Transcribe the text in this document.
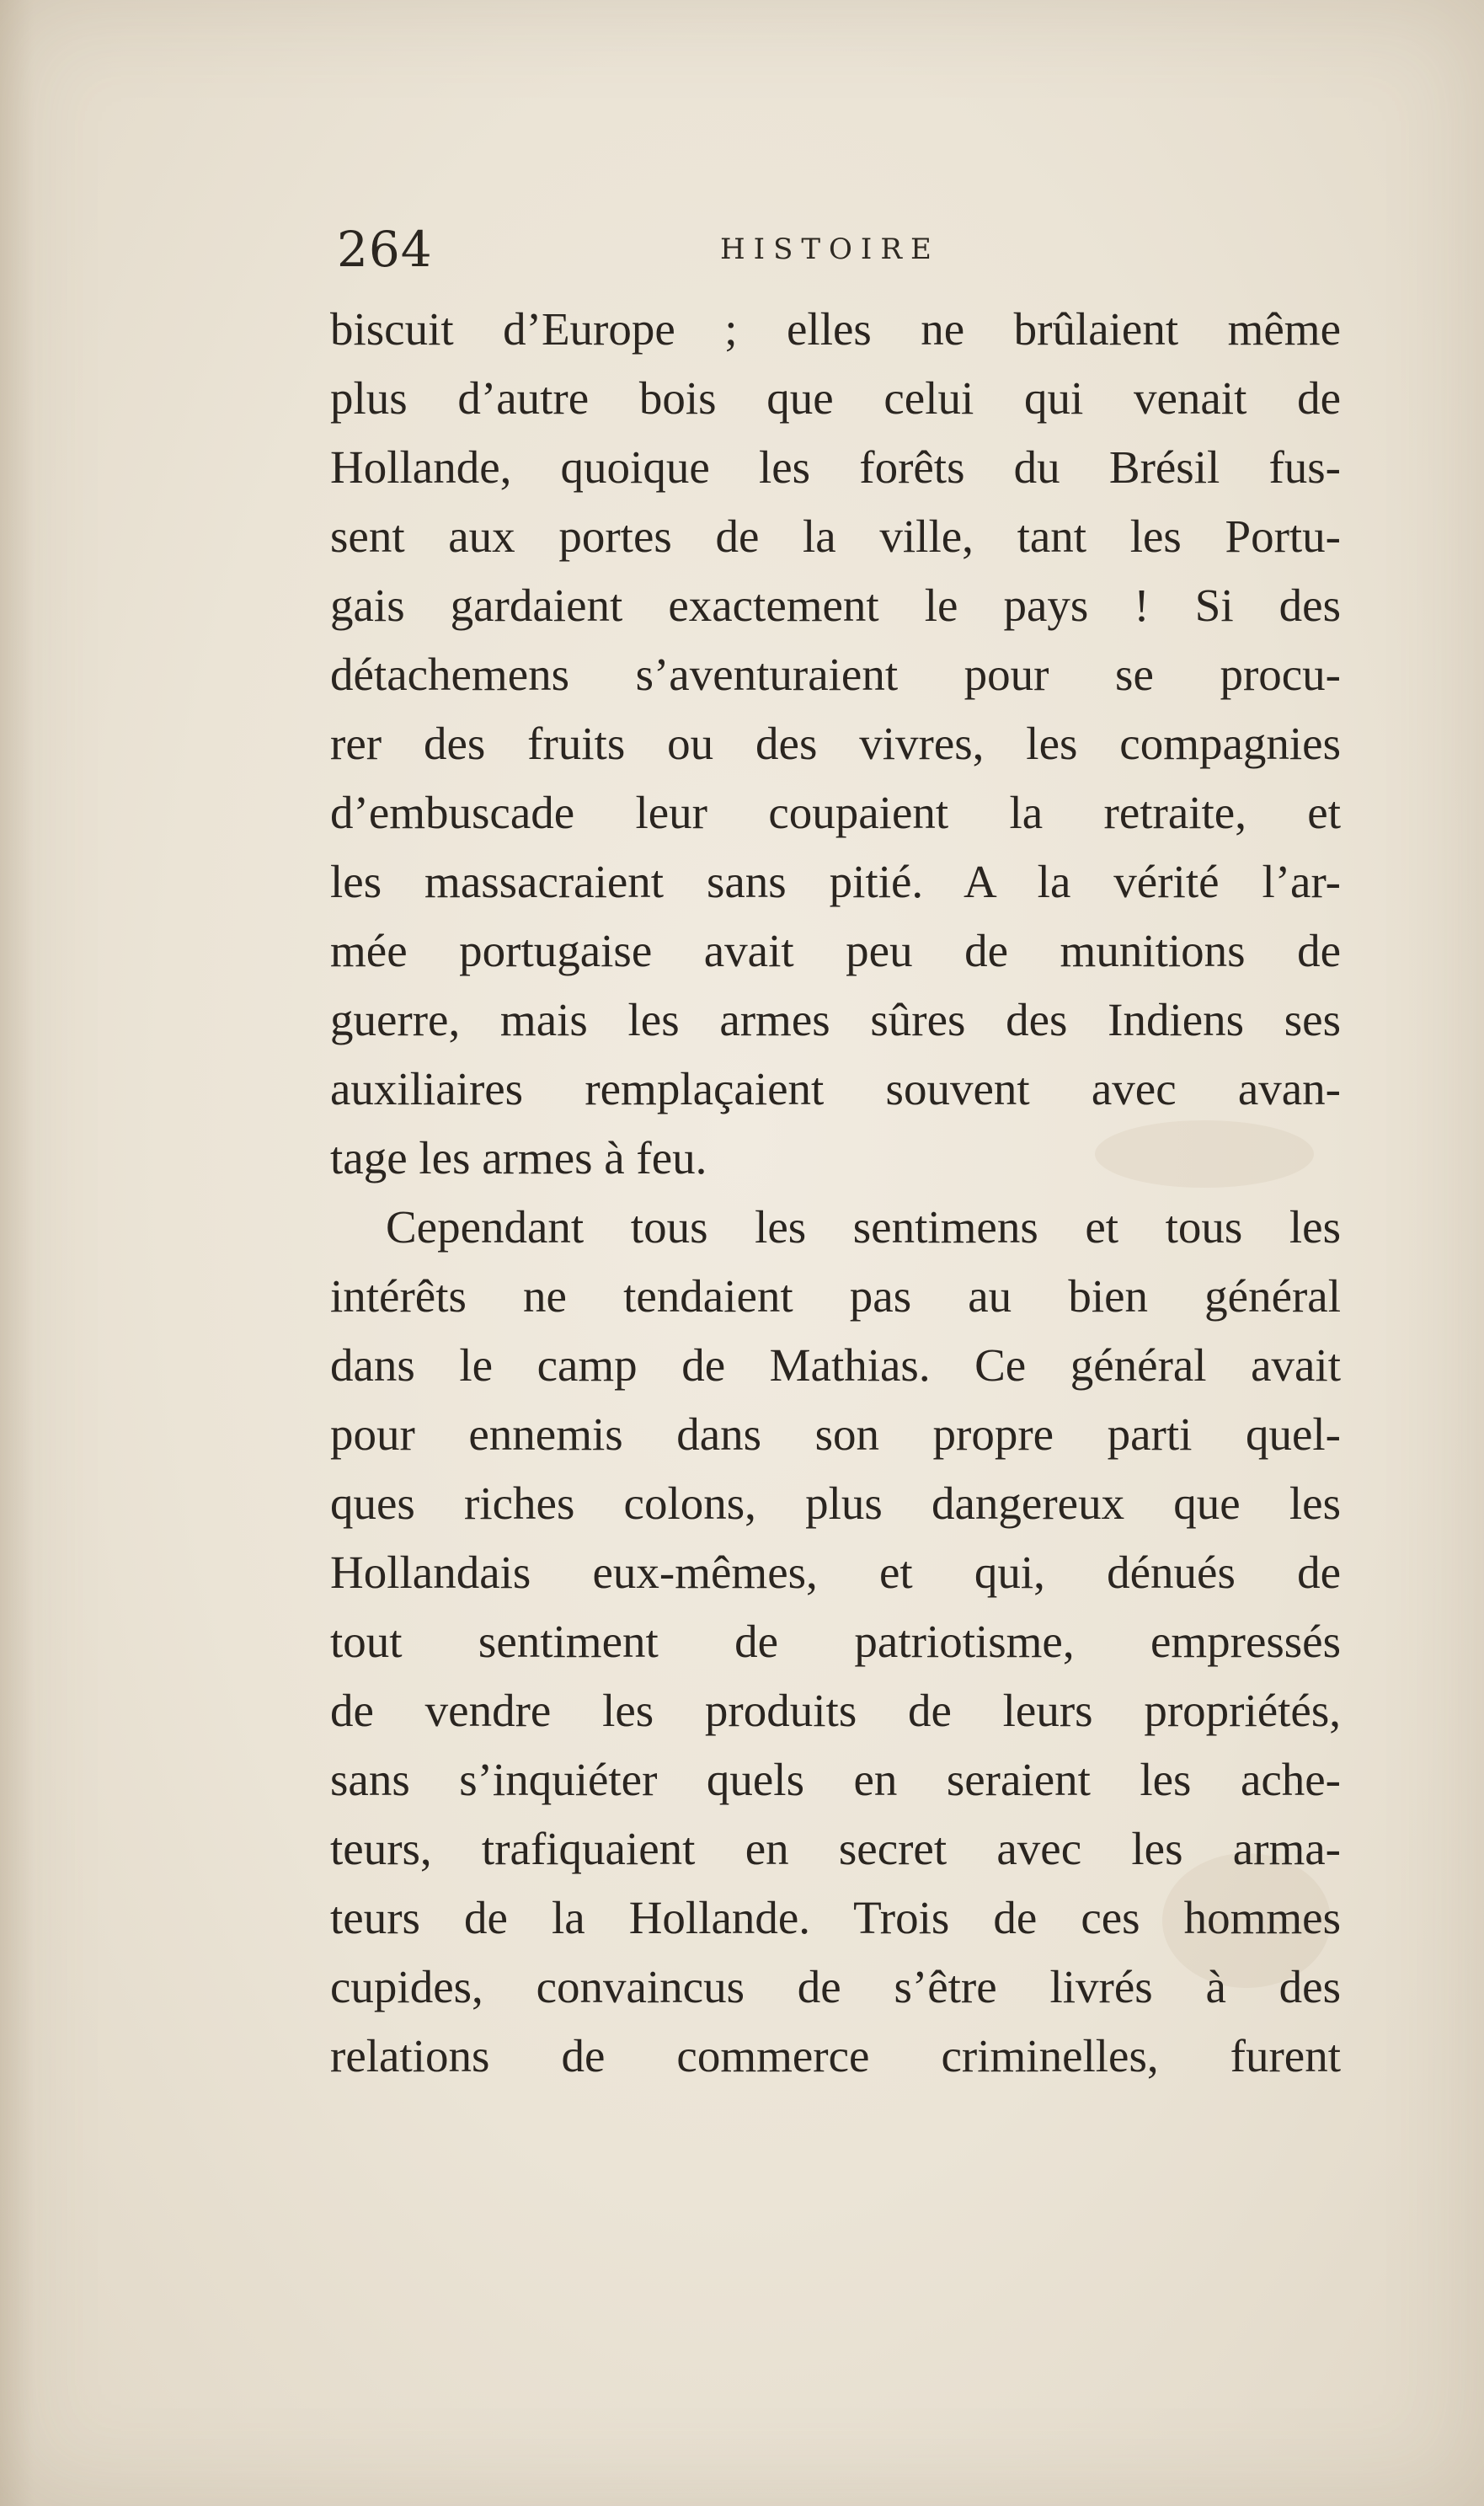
264	HISTOIRE
biscuit d’Europe ; elles ne brûlaient même
plus d’autre bois que celui qui venait de
Hollande, quoique les forêts du Brésil fus-
sent aux portes de la ville, tant les Portu-
gais gardaient exactement le pays ! Si des
détachemens s’aventuraient pour se procu-
rer des fruits ou des vivres, les compagnies
d’embuscade leur coupaient la retraite, et
les massacraient sans pitié. A la vérité l’ar-
mée portugaise avait peu de munitions de
guerre, mais les armes sûres des Indiens ses
auxiliaires remplaçaient souvent avec avan-
tage les armes à feu.
Cependant tous les sentimens et tous les
intérêts ne tendaient pas au bien général
dans le camp de Mathias. Ce général avait
pour ennemis dans son propre parti quel-
ques riches colons, plus dangereux que les
Hollandais eux-mêmes, et qui, dénués de
tout sentiment de patriotisme, empressés
de vendre les produits de leurs propriétés,
sans s’inquiéter quels en seraient les ache-
teurs, trafiquaient en secret avec les arma-
teurs de la Hollande. Trois de ces hommes
cupides, convaincus de s’être livrés à des
relations de commerce criminelles, furent
